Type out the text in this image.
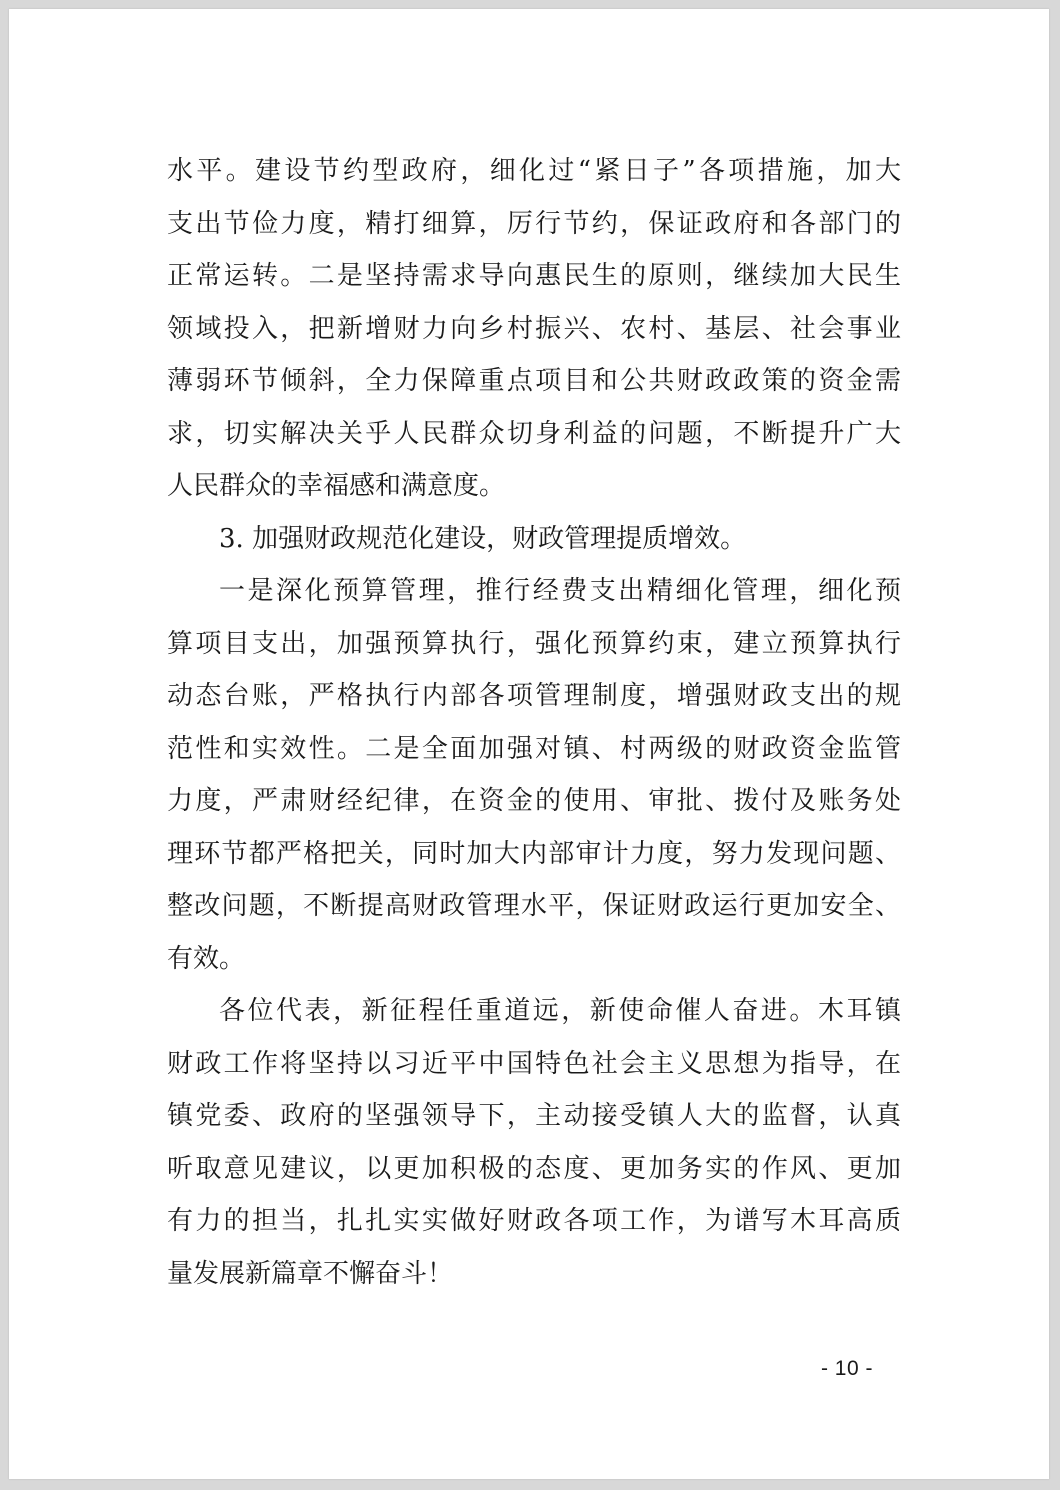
水平。建设节约型政府，细化过“紧日子”各项措施，加大
支出节俭力度，精打细算，厉行节约，保证政府和各部门的
正常运转。二是坚持需求导向惠民生的原则，继续加大民生
领域投入，把新增财力向乡村振兴、农村、基层、社会事业
薄弱环节倾斜，全力保障重点项目和公共财政政策的资金需
求，切实解决关乎人民群众切身利益的问题，不断提升广大
人民群众的幸福感和满意度。
3. 加强财政规范化建设，财政管理提质增效。
一是深化预算管理，推行经费支出精细化管理，细化预
算项目支出，加强预算执行，强化预算约束，建立预算执行
动态台账，严格执行内部各项管理制度，增强财政支出的规
范性和实效性。二是全面加强对镇、村两级的财政资金监管
力度，严肃财经纪律，在资金的使用、审批、拨付及账务处
理环节都严格把关，同时加大内部审计力度，努力发现问题、
整改问题，不断提高财政管理水平，保证财政运行更加安全、
有效。
各位代表，新征程任重道远，新使命催人奋进。木耳镇
财政工作将坚持以习近平中国特色社会主义思想为指导，在
镇党委、政府的坚强领导下，主动接受镇人大的监督，认真
听取意见建议，以更加积极的态度、更加务实的作风、更加
有力的担当，扎扎实实做好财政各项工作，为谱写木耳高质
量发展新篇章不懈奋斗！
- 10 -
